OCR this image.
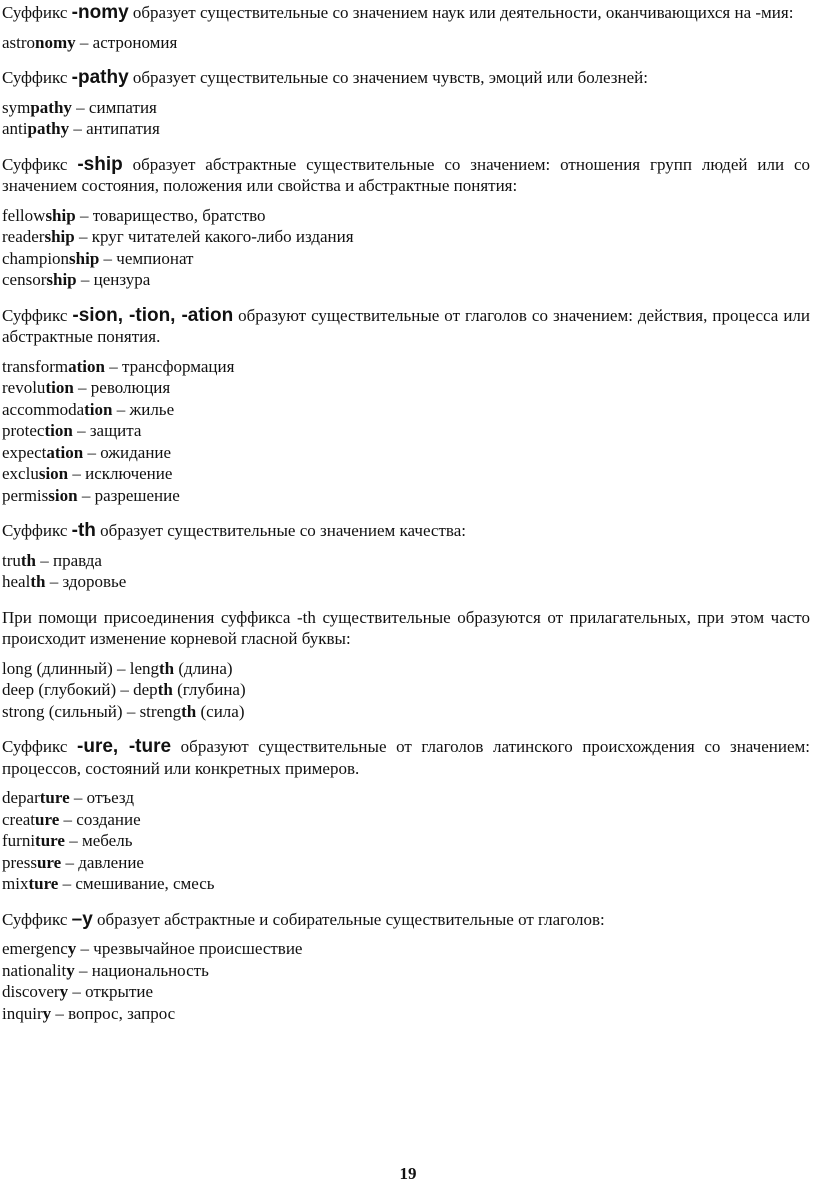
Суффикс -nomy образует существительные со значением наук или деятельности, оканчивающихся на -мия:

astronomy – астрономия

Суффикс -pathy образует существительные со значением чувств, эмоций или болезней:

sympathy – симпатия
antipathy – антипатия

Суффикс -ship образует абстрактные существительные со значением: отношения групп людей или со значением состояния, положения или свойства и абстрактные понятия:

fellowship – товарищество, братство
readership – круг читателей какого-либо издания
championship – чемпионат
censorship – цензура

Суффикс -sion, -tion, -ation образуют существительные от глаголов со значением: действия, процесса или абстрактные понятия.

transformation – трансформация
revolution – революция
accommodation – жилье
protection – защита
expectation – ожидание
exclusion – исключение
permission – разрешение

Суффикс -th образует существительные со значением качества:

truth – правда
health – здоровье

При помощи присоединения суффикса -th существительные образуются от прилагательных, при этом часто происходит изменение корневой гласной буквы:

long (длинный) – length (длина)
deep (глубокий) – depth (глубина)
strong (сильный) – strength (сила)

Суффикс -ure, -ture образуют существительные от глаголов латинского происхождения со значением: процессов, состояний или конкретных примеров.

departure – отъезд
creature – создание
furniture – мебель
pressure – давление
mixture – смешивание, смесь

Суффикс –y образует абстрактные и собирательные существительные от глаголов:

emergency – чрезвычайное происшествие
nationality – национальность
discovery – открытие
inquiry – вопрос, запрос
19
